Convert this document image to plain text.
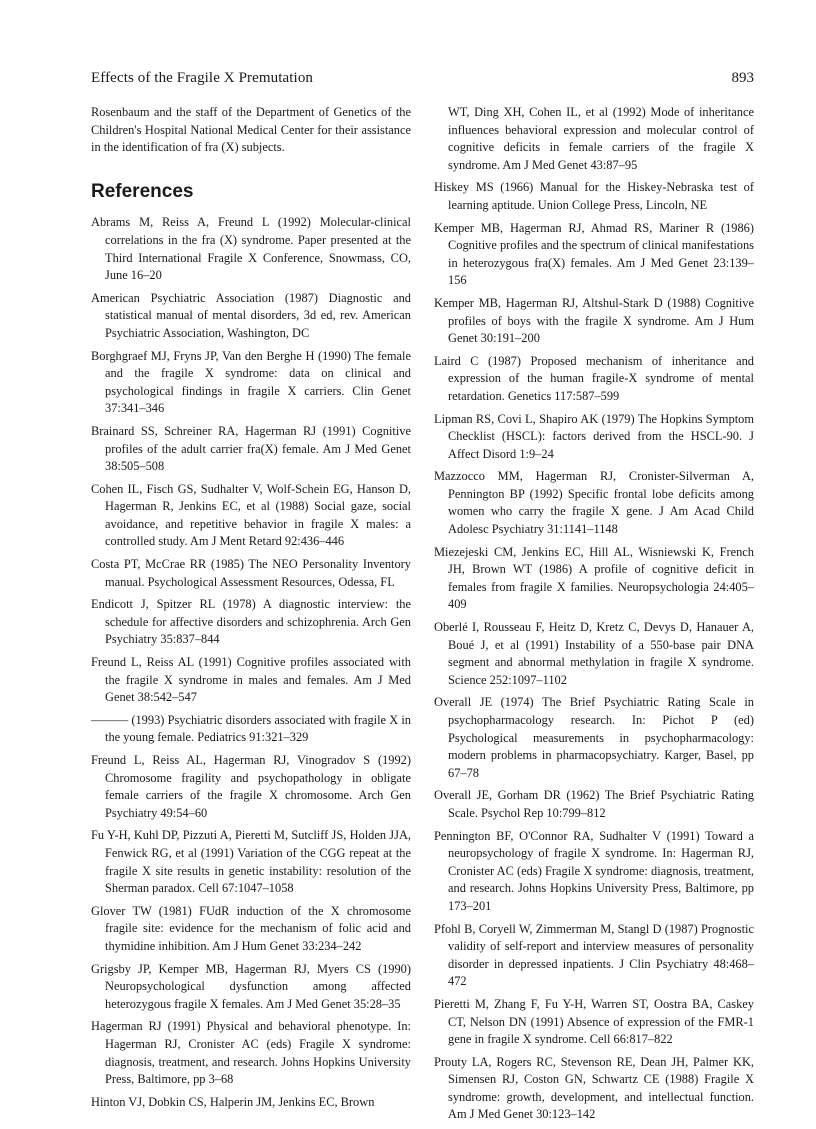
Effects of the Fragile X Premutation	893

Rosenbaum and the staff of the Department of Genetics of the Children's Hospital National Medical Center for their assistance in the identification of fra (X) subjects.

References

Abrams M, Reiss A, Freund L (1992) Molecular-clinical correlations in the fra (X) syndrome. Paper presented at the Third International Fragile X Conference, Snowmass, CO, June 16–20

American Psychiatric Association (1987) Diagnostic and statistical manual of mental disorders, 3d ed, rev. American Psychiatric Association, Washington, DC

Borghgraef MJ, Fryns JP, Van den Berghe H (1990) The female and the fragile X syndrome: data on clinical and psychological findings in fragile X carriers. Clin Genet 37:341–346

Brainard SS, Schreiner RA, Hagerman RJ (1991) Cognitive profiles of the adult carrier fra(X) female. Am J Med Genet 38:505–508

Cohen IL, Fisch GS, Sudhalter V, Wolf-Schein EG, Hanson D, Hagerman R, Jenkins EC, et al (1988) Social gaze, social avoidance, and repetitive behavior in fragile X males: a controlled study. Am J Ment Retard 92:436–446

Costa PT, McCrae RR (1985) The NEO Personality Inventory manual. Psychological Assessment Resources, Odessa, FL

Endicott J, Spitzer RL (1978) A diagnostic interview: the schedule for affective disorders and schizophrenia. Arch Gen Psychiatry 35:837–844

Freund L, Reiss AL (1991) Cognitive profiles associated with the fragile X syndrome in males and females. Am J Med Genet 38:542–547

——— (1993) Psychiatric disorders associated with fragile X in the young female. Pediatrics 91:321–329

Freund L, Reiss AL, Hagerman RJ, Vinogradov S (1992) Chromosome fragility and psychopathology in obligate female carriers of the fragile X chromosome. Arch Gen Psychiatry 49:54–60

Fu Y-H, Kuhl DP, Pizzuti A, Pieretti M, Sutcliff JS, Holden JJA, Fenwick RG, et al (1991) Variation of the CGG repeat at the fragile X site results in genetic instability: resolution of the Sherman paradox. Cell 67:1047–1058

Glover TW (1981) FUdR induction of the X chromosome fragile site: evidence for the mechanism of folic acid and thymidine inhibition. Am J Hum Genet 33:234–242

Grigsby JP, Kemper MB, Hagerman RJ, Myers CS (1990) Neuropsychological dysfunction among affected heterozygous fragile X females. Am J Med Genet 35:28–35

Hagerman RJ (1991) Physical and behavioral phenotype. In: Hagerman RJ, Cronister AC (eds) Fragile X syndrome: diagnosis, treatment, and research. Johns Hopkins University Press, Baltimore, pp 3–68

Hinton VJ, Dobkin CS, Halperin JM, Jenkins EC, Brown

WT, Ding XH, Cohen IL, et al (1992) Mode of inheritance influences behavioral expression and molecular control of cognitive deficits in female carriers of the fragile X syndrome. Am J Med Genet 43:87–95

Hiskey MS (1966) Manual for the Hiskey-Nebraska test of learning aptitude. Union College Press, Lincoln, NE

Kemper MB, Hagerman RJ, Ahmad RS, Mariner R (1986) Cognitive profiles and the spectrum of clinical manifestations in heterozygous fra(X) females. Am J Med Genet 23:139–156

Kemper MB, Hagerman RJ, Altshul-Stark D (1988) Cognitive profiles of boys with the fragile X syndrome. Am J Hum Genet 30:191–200

Laird C (1987) Proposed mechanism of inheritance and expression of the human fragile-X syndrome of mental retardation. Genetics 117:587–599

Lipman RS, Covi L, Shapiro AK (1979) The Hopkins Symptom Checklist (HSCL): factors derived from the HSCL-90. J Affect Disord 1:9–24

Mazzocco MM, Hagerman RJ, Cronister-Silverman A, Pennington BP (1992) Specific frontal lobe deficits among women who carry the fragile X gene. J Am Acad Child Adolesc Psychiatry 31:1141–1148

Miezejeski CM, Jenkins EC, Hill AL, Wisniewski K, French JH, Brown WT (1986) A profile of cognitive deficit in females from fragile X families. Neuropsychologia 24:405–409

Oberlé I, Rousseau F, Heitz D, Kretz C, Devys D, Hanauer A, Boué J, et al (1991) Instability of a 550-base pair DNA segment and abnormal methylation in fragile X syndrome. Science 252:1097–1102

Overall JE (1974) The Brief Psychiatric Rating Scale in psychopharmacology research. In: Pichot P (ed) Psychological measurements in psychopharmacology: modern problems in pharmacopsychiatry. Karger, Basel, pp 67–78

Overall JE, Gorham DR (1962) The Brief Psychiatric Rating Scale. Psychol Rep 10:799–812

Pennington BF, O'Connor RA, Sudhalter V (1991) Toward a neuropsychology of fragile X syndrome. In: Hagerman RJ, Cronister AC (eds) Fragile X syndrome: diagnosis, treatment, and research. Johns Hopkins University Press, Baltimore, pp 173–201

Pfohl B, Coryell W, Zimmerman M, Stangl D (1987) Prognostic validity of self-report and interview measures of personality disorder in depressed inpatients. J Clin Psychiatry 48:468–472

Pieretti M, Zhang F, Fu Y-H, Warren ST, Oostra BA, Caskey CT, Nelson DN (1991) Absence of expression of the FMR-1 gene in fragile X syndrome. Cell 66:817–822

Prouty LA, Rogers RC, Stevenson RE, Dean JH, Palmer KK, Simensen RJ, Coston GN, Schwartz CE (1988) Fragile X syndrome: growth, development, and intellectual function. Am J Med Genet 30:123–142
